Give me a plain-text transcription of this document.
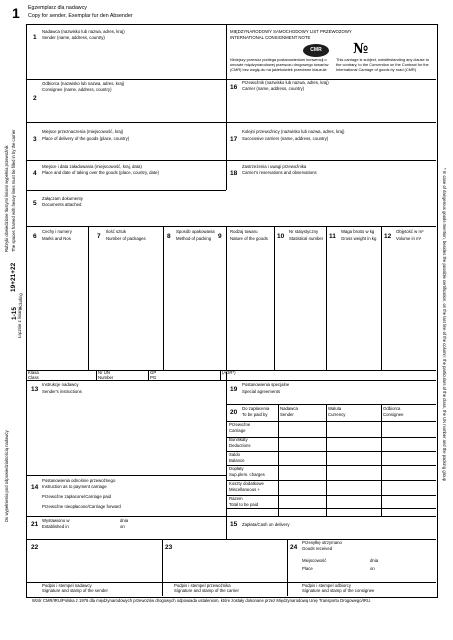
1 Egzemplarz dla nadawcy
Copy for sender, Exemplar fur den Absender
1
Nadawca (nazwisko lub nazwa, adres, kraj)
Sender (name, address, country)
MIĘDZYNARODOWY SAMOCHODOWY LIST PRZEWOZOWY
INTERNATIONAL CONSIGNMENT NOTE
CMR	№
Niniejszy przewóz podlega postanowieniom konwencji o umowie międzynarodowej przewozu drogowego towarów (CMR) bez wzglę-du na jakiekolwiek przeciwne klauzule
This carriage is subject, notwithstanding any clause to the contrary, to the Convention on the Contract for the International Carriage of goods by road (CMR)
2
Odbiorca (nazwisko lub nazwa, adres, kraj)
Consignee (name, address, country)	16
Przewoźnik (nazwisko lub nazwa, adres, kraj)
Carrier (name, address, country)
3
Miejsce przeznaczenia (miejscowość, kraj)
Place of delivery of the goods (place, country)	17
Kolejni przewoźnicy (nazwisko lub nazwa, adres, kraj)
Successive carriers (name, address, country)
4
Miejsce i data załadowania (miejscowość, kraj, data)
Place and date of taking over the goods (place, country, date)	18
Zastrzeżenia i uwagi przewoźnika
Carrier's reservations and observations
5
Załączam dokumenty
Documents attached
6
Cechy i numery
Marks and Nos	7
Ilość sztuk
Number of packages	8
Sposób opakowania
Method of packing 9
Rodzaj towaru
Nature of the goods 10
Nr statystyczny
Statistical number 11
Waga brutto w kg
Gross weight in kg 12
Objętość w m³
Volume in m³
Klasa
Class
Nr UN
Number
GP
PG
(ADR*)
13
Instrukcje nadawcy
Sender's instructions	19
Postanowienia specjalne
Special agreements
20
Do zapłacenia
To be paid by
Nadawca
Sender
Waluta
Currency
Odbiorca
Consignee
Przewoźne
Carriage
Bonifikaty
Deductions
Saldo
Balance
Dopłaty
Sup.plem. charges
Koszty dodatkowe
Miscellaneous +
Razem
Total to be paid
14
Postanowienia odnośnie przewoźnego
Instruction as to payment carriage
Przewoźne zapłacone/Carriage paid
Przewoźne nieopłacone/Carriage forward
21
Wystawiono w
Established in
dnia
on	15 Zapłata/Cash on delivery
22	23	24
Przesyłkę otrzymano
Goods received
Miejscowość	dnia
Place	on
Podpis i stempel nadawcy
Signature and stamp of the sender
Podpis i stempel przewoźnika
Signature and stamp of the carrier
Podpis i stempel odbiorcy
Signature and stamp of the consignee
Wzór CMR/IRU/Polska z 1976 dla międzynarodowych przewozów drogowych odpowiada ustaleniom, które zostały dokonane przez Międzynarodową Unię Transportu Drogowego/IRU.
Do wypełnienia pod odpowiedzialnością nadawcy
Łącznie z liniami
1-15
Including
19+21+22
Rubryki obwiedzione tłustymi liniami wypełnia przewoźnik The spaces framed with heavy lines must be filled in by the carrier	* In case of dangerous goods mention, besides the possible certification, on the last line of the column: the particulars of the class, the UN number and the packing group
